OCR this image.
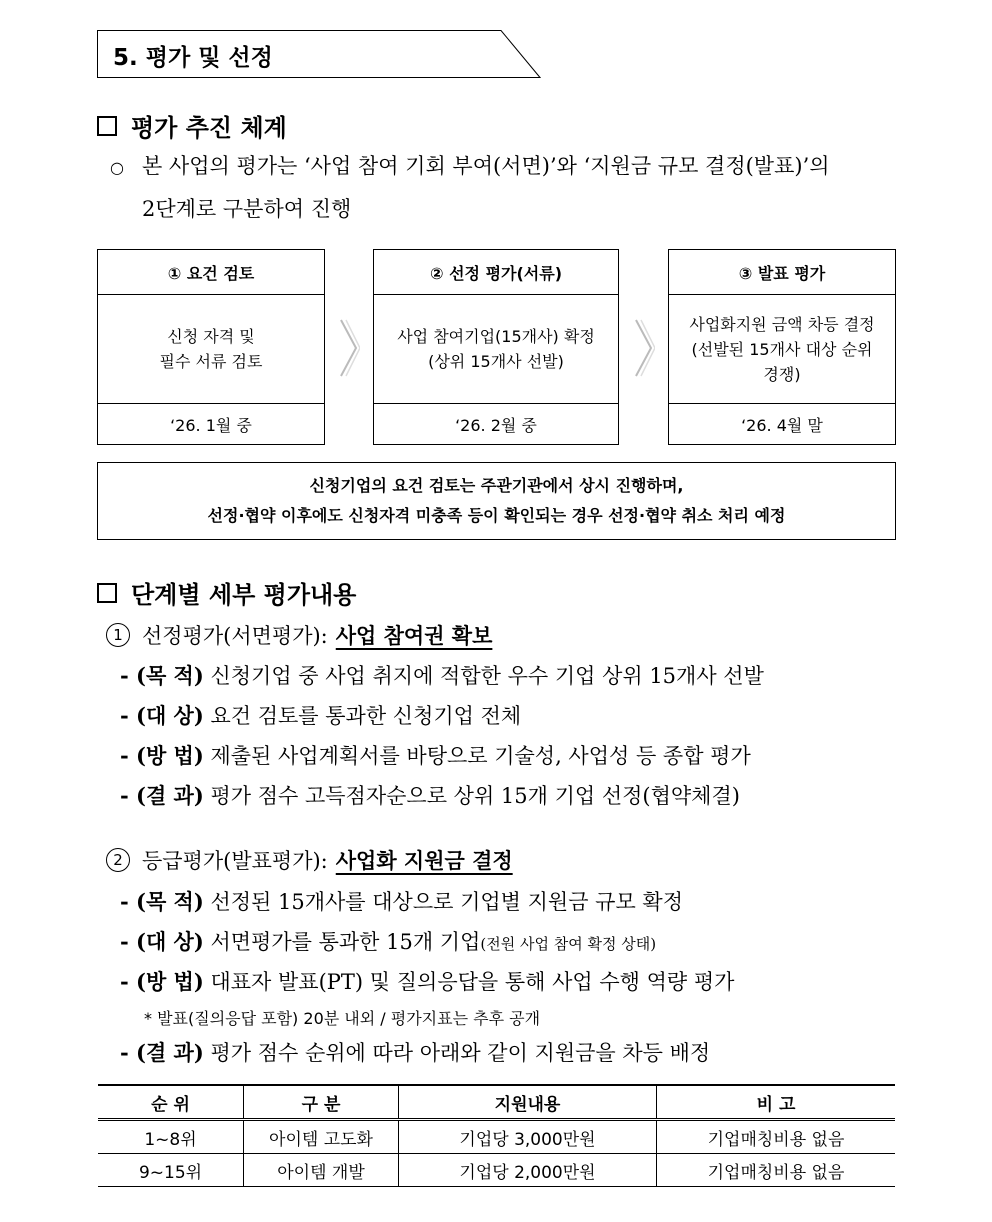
5. 평가 및 선정
평가 추진 체계
○ 본 사업의 평가는 ‘사업 참여 기회 부여(서면)’와 ‘지원금 규모 결정(발표)’의
2단계로 구분하여 진행
① 요건 검토
신청 자격 및
필수 서류 검토
‘26. 1월 중
② 선정 평가(서류)
사업 참여기업(15개사) 확정
(상위 15개사 선발)
‘26. 2월 중
③ 발표 평가
사업화지원 금액 차등 결정
(선발된 15개사 대상 순위
경쟁)
‘26. 4월 말
신청기업의 요건 검토는 주관기관에서 상시 진행하며,
선정·협약 이후에도 신청자격 미충족 등이 확인되는 경우 선정·협약 취소 처리 예정
단계별 세부 평가내용
1 선정평가(서면평가): 사업 참여권 확보
- (목 적) 신청기업 중 사업 취지에 적합한 우수 기업 상위 15개사 선발
- (대 상) 요건 검토를 통과한 신청기업 전체
- (방 법) 제출된 사업계획서를 바탕으로 기술성, 사업성 등 종합 평가
- (결 과) 평가 점수 고득점자순으로 상위 15개 기업 선정(협약체결)
2 등급평가(발표평가): 사업화 지원금 결정
- (목 적) 선정된 15개사를 대상으로 기업별 지원금 규모 확정
- (대 상) 서면평가를 통과한 15개 기업(전원 사업 참여 확정 상태)
- (방 법) 대표자 발표(PT) 및 질의응답을 통해 사업 수행 역량 평가
* 발표(질의응답 포함) 20분 내외 / 평가지표는 추후 공개
- (결 과) 평가 점수 순위에 따라 아래와 같이 지원금을 차등 배정
순 위	구 분	지원내용	비 고
1~8위	아이템 고도화	기업당 3,000만원	기업매칭비용 없음
9~15위	아이템 개발	기업당 2,000만원	기업매칭비용 없음
